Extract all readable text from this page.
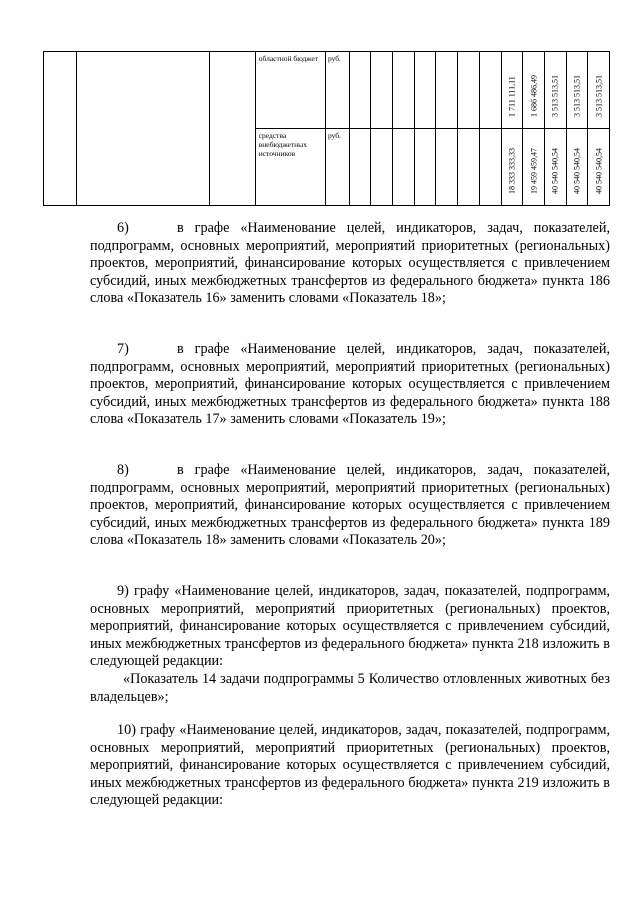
			областной бюджет	руб.								1 711 111,11	1 686 486,49	3 513 513,51	3 513 513,51	3 513 513,51

			средства внебюджетных источников	руб.								18 333 333,33	19 459 459,47	40 540 540,54	40 540 540,54	40 540 540,54

6)	в графе «Наименование целей, индикаторов, задач, показателей, подпрограмм, основных мероприятий, мероприятий приоритетных (региональных) проектов, мероприятий, финансирование которых осуществляется с привлечением субсидий, иных межбюджетных трансфертов из федерального бюджета» пункта 186 слова «Показатель 16» заменить словами «Показатель 18»;

7)	в графе «Наименование целей, индикаторов, задач, показателей, подпрограмм, основных мероприятий, мероприятий приоритетных (региональных) проектов, мероприятий, финансирование которых осуществляется с привлечением субсидий, иных межбюджетных трансфертов из федерального бюджета» пункта 188 слова «Показатель 17» заменить словами «Показатель 19»;

8)	в графе «Наименование целей, индикаторов, задач, показателей, подпрограмм, основных мероприятий, мероприятий приоритетных (региональных) проектов, мероприятий, финансирование которых осуществляется с привлечением субсидий, иных межбюджетных трансфертов из федерального бюджета» пункта 189 слова «Показатель 18» заменить словами «Показатель 20»;

9) графу «Наименование целей, индикаторов, задач, показателей, подпрограмм, основных мероприятий, мероприятий приоритетных (региональных) проектов, мероприятий, финансирование которых осуществляется с привлечением субсидий, иных межбюджетных трансфертов из федерального бюджета» пункта 218 изложить в следующей редакции:

«Показатель 14 задачи подпрограммы 5 Количество отловленных животных без владельцев»;

10) графу «Наименование целей, индикаторов, задач, показателей, подпрограмм, основных мероприятий, мероприятий приоритетных (региональных) проектов, мероприятий, финансирование которых осуществляется с привлечением субсидий, иных межбюджетных трансфертов из федерального бюджета» пункта 219 изложить в следующей редакции:
